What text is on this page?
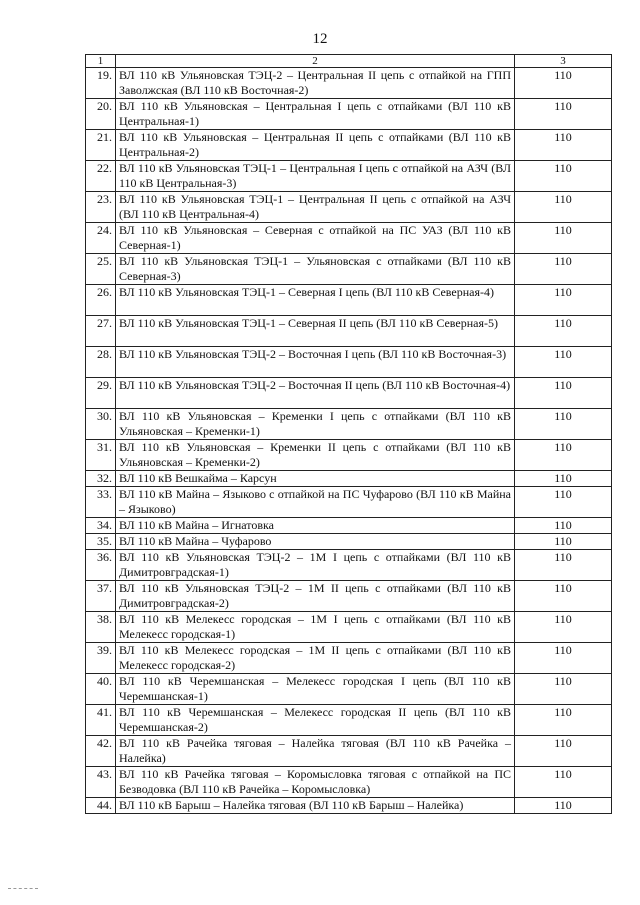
12
1	2	3
19.	ВЛ 110 кВ Ульяновская ТЭЦ-2 – Центральная II цепь с отпайкой на ГПП Заволжская (ВЛ 110 кВ Восточная-2)	110
20.	ВЛ 110 кВ Ульяновская – Центральная I цепь с отпайками (ВЛ 110 кВ Центральная-1)	110
21.	ВЛ 110 кВ Ульяновская – Центральная II цепь с отпайками (ВЛ 110 кВ Центральная-2)	110
22.	ВЛ 110 кВ Ульяновская ТЭЦ-1 – Центральная I цепь с отпайкой на АЗЧ (ВЛ 110 кВ Центральная-3)	110
23.	ВЛ 110 кВ Ульяновская ТЭЦ-1 – Центральная II цепь с отпайкой на АЗЧ (ВЛ 110 кВ Центральная-4)	110
24.	ВЛ 110 кВ Ульяновская – Северная с отпайкой на ПС УАЗ (ВЛ 110 кВ Северная-1)	110
25.	ВЛ 110 кВ Ульяновская ТЭЦ-1 – Ульяновская с отпайками (ВЛ 110 кВ Северная-3)	110
26.	ВЛ 110 кВ Ульяновская ТЭЦ-1 – Северная I цепь (ВЛ 110 кВ Северная-4)	110
27.	ВЛ 110 кВ Ульяновская ТЭЦ-1 – Северная II цепь (ВЛ 110 кВ Северная-5)	110
28.	ВЛ 110 кВ Ульяновская ТЭЦ-2 – Восточная I цепь (ВЛ 110 кВ Восточная-3)	110
29.	ВЛ 110 кВ Ульяновская ТЭЦ-2 – Восточная II цепь (ВЛ 110 кВ Восточная-4)	110
30.	ВЛ 110 кВ Ульяновская – Кременки I цепь с отпайками (ВЛ 110 кВ Ульяновская – Кременки-1)	110
31.	ВЛ 110 кВ Ульяновская – Кременки II цепь с отпайками (ВЛ 110 кВ Ульяновская – Кременки-2)	110
32.	ВЛ 110 кВ Вешкайма – Карсун	110
33.	ВЛ 110 кВ Майна – Языково с отпайкой на ПС Чуфарово (ВЛ 110 кВ Майна – Языково)	110
34.	ВЛ 110 кВ Майна – Игнатовка	110
35.	ВЛ 110 кВ Майна – Чуфарово	110
36.	ВЛ 110 кВ Ульяновская ТЭЦ-2 – 1М I цепь с отпайками (ВЛ 110 кВ Димитровградская-1)	110
37.	ВЛ 110 кВ Ульяновская ТЭЦ-2 – 1М II цепь с отпайками (ВЛ 110 кВ Димитровградская-2)	110
38.	ВЛ 110 кВ Мелекесс городская – 1М I цепь с отпайками (ВЛ 110 кВ Мелекесс городская-1)	110
39.	ВЛ 110 кВ Мелекесс городская – 1М II цепь с отпайками (ВЛ 110 кВ Мелекесс городская-2)	110
40.	ВЛ 110 кВ Черемшанская – Мелекесс городская I цепь (ВЛ 110 кВ Черемшанская-1)	110
41.	ВЛ 110 кВ Черемшанская – Мелекесс городская II цепь (ВЛ 110 кВ Черемшанская-2)	110
42.	ВЛ 110 кВ Рачейка тяговая – Налейка тяговая (ВЛ 110 кВ Рачейка – Налейка)	110
43.	ВЛ 110 кВ Рачейка тяговая – Коромысловка тяговая с отпайкой на ПС Безводовка (ВЛ 110 кВ Рачейка – Коромысловка)	110
44.	ВЛ 110 кВ Барыш – Налейка тяговая (ВЛ 110 кВ Барыш – Налейка)	110
